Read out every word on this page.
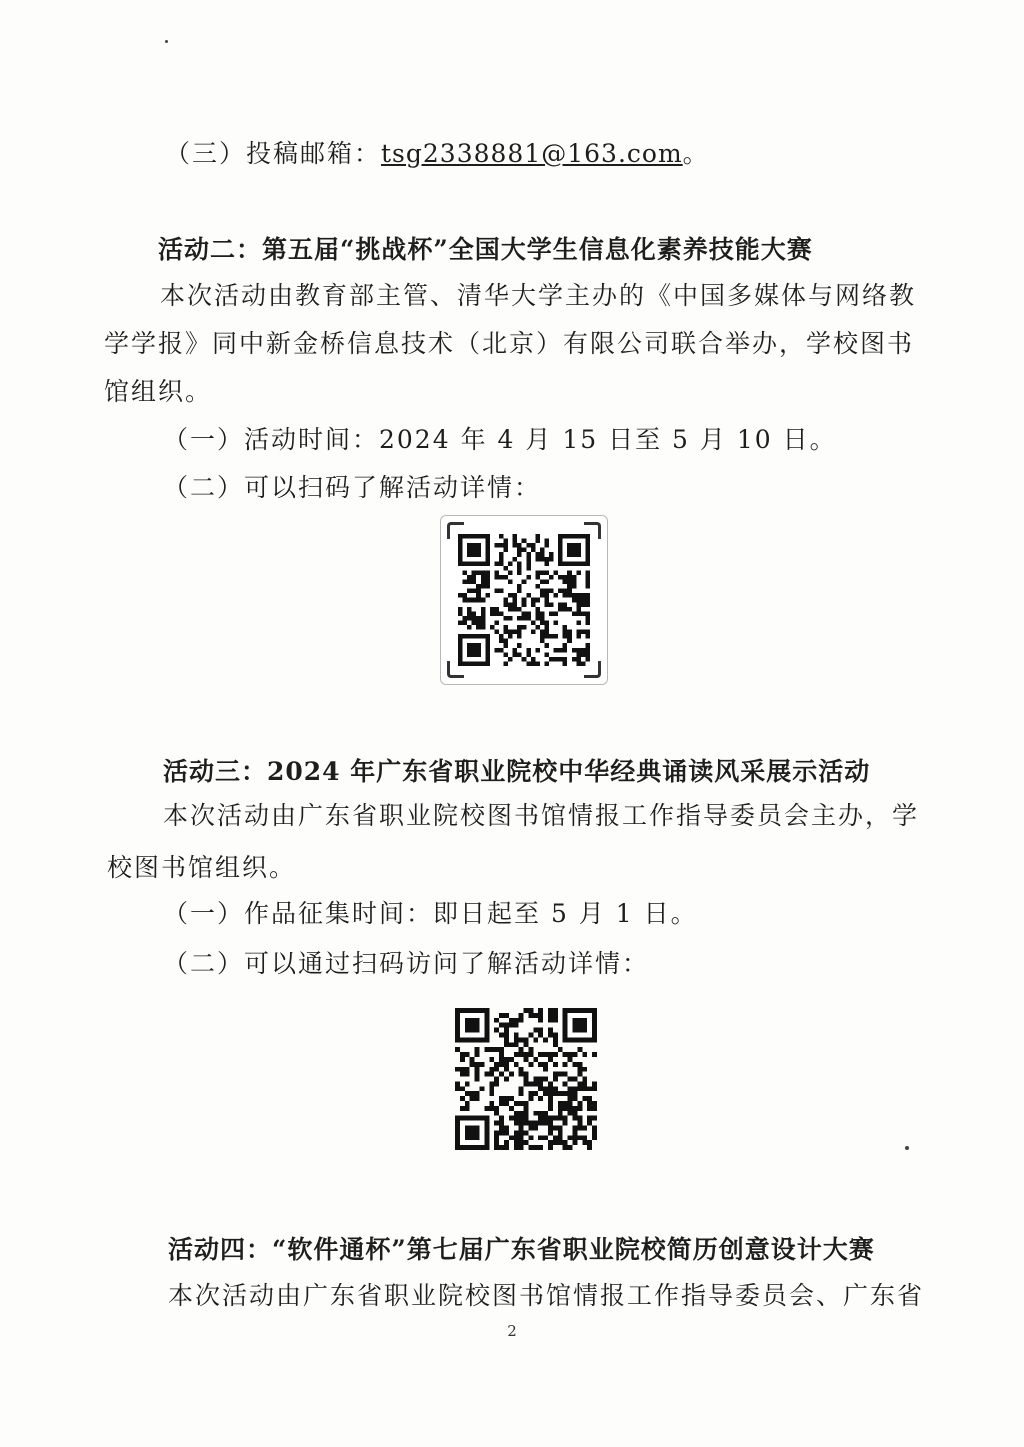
（三）投稿邮箱：tsg2338881@163.com。
活动二：第五届“挑战杯”全国大学生信息化素养技能大赛
本次活动由教育部主管、清华大学主办的《中国多媒体与网络教
学学报》同中新金桥信息技术（北京）有限公司联合举办，学校图书
馆组织。
（一）活动时间：2024 年 4 月 15 日至 5 月 10 日。
（二）可以扫码了解活动详情：
活动三：2024 年广东省职业院校中华经典诵读风采展示活动
本次活动由广东省职业院校图书馆情报工作指导委员会主办，学
校图书馆组织。
（一）作品征集时间：即日起至 5 月 1 日。
（二）可以通过扫码访问了解活动详情：
活动四：“软件通杯”第七届广东省职业院校简历创意设计大赛
本次活动由广东省职业院校图书馆情报工作指导委员会、广东省
2
